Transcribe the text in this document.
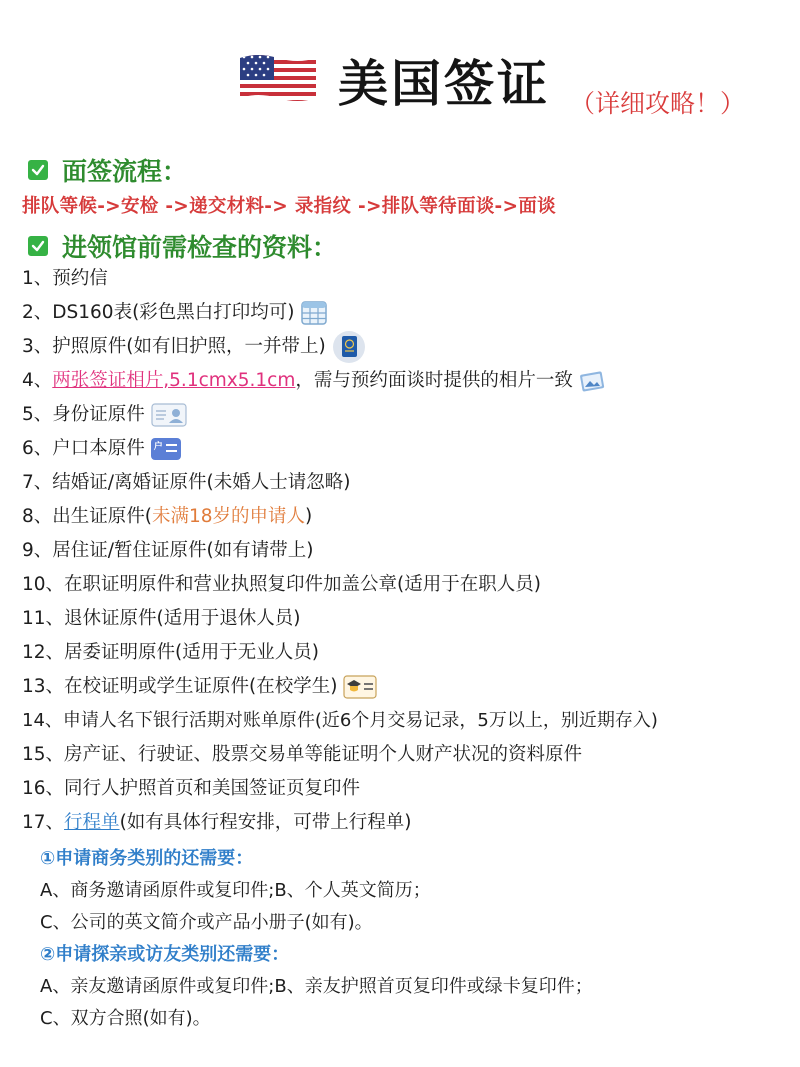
美国签证 （详细攻略！）
面签流程：
排队等候->安检 ->递交材料-> 录指纹 ->排队等待面谈->面谈
进领馆前需检查的资料：
1、 预约信
2、 DS160表(彩色黑白打印均可)
3、 护照原件(如有旧护照，一并带上)
4、 两张签证相片,5.1cmx5.1cm ，需与预约面谈时提供的相片一致
5、 身份证原件
6、 户口本原件 户
7、 结婚证/离婚证原件(未婚人士请忽略)
8、 出生证原件( 未满18岁的申请人 )
9、 居住证/暂住证原件(如有请带上)
10、 在职证明原件和营业执照复印件加盖公章(适用于在职人员)
11、 退休证原件(适用于退休人员)
12、 居委证明原件(适用于无业人员)
13、 在校证明或学生证原件(在校学生)
14、 申请人名下银行活期对账单原件(近6个月交易记录，5万以上，别近期存入)
15、 房产证、行驶证、股票交易单等能证明个人财产状况的资料原件
16、 同行人护照首页和美国签证页复印件
17、 行程单 (如有具体行程安排，可带上行程单)
①申请商务类别的还需要：
A、商务邀请函原件或复印件;B、个人英文简历；
C、公司的英文简介或产品小册子(如有)。
②申请探亲或访友类别还需要：
A、亲友邀请函原件或复印件;B、亲友护照首页复印件或绿卡复印件；
C、双方合照(如有)。
